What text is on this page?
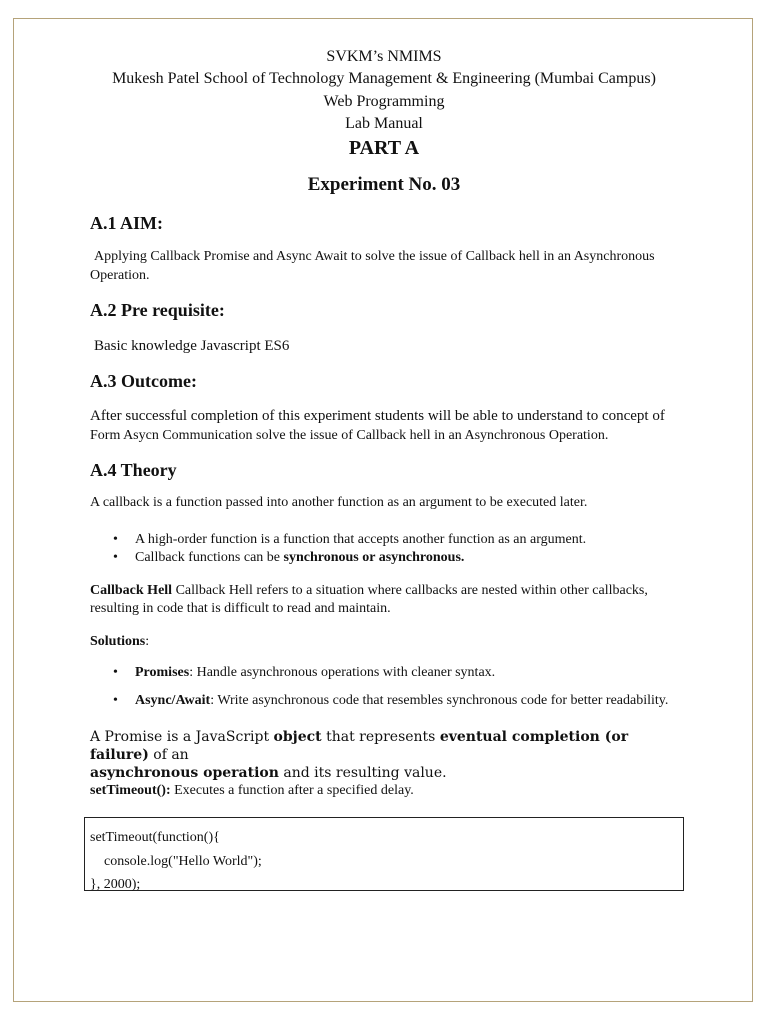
SVKM’s NMIMS
Mukesh Patel School of Technology Management & Engineering (Mumbai Campus)
Web Programming
Lab Manual
PART A
Experiment No. 03
A.1 AIM:

Applying Callback Promise and Async Await to solve the issue of Callback hell in an Asynchronous Operation.

A.2 Pre requisite:

Basic knowledge Javascript ES6

A.3 Outcome:

After successful completion of this experiment students will be able to understand to concept of

Form Asycn Communication solve the issue of Callback hell in an Asynchronous Operation.

A.4 Theory

A callback is a function passed into another function as an argument to be executed later.

• A high-order function is a function that accepts another function as an argument.
• Callback functions can be synchronous or asynchronous.

Callback Hell Callback Hell refers to a situation where callbacks are nested within other callbacks,

resulting in code that is difficult to read and maintain.

Solutions:

• Promises: Handle asynchronous operations with cleaner syntax.
• Async/Await: Write asynchronous code that resembles synchronous code for better readability.

A Promise is a JavaScript object that represents eventual completion (or failure) of an
asynchronous operation and its resulting value.

setTimeout(): Executes a function after a specified delay.

setTimeout(function(){
console.log("Hello World");
}, 2000);
